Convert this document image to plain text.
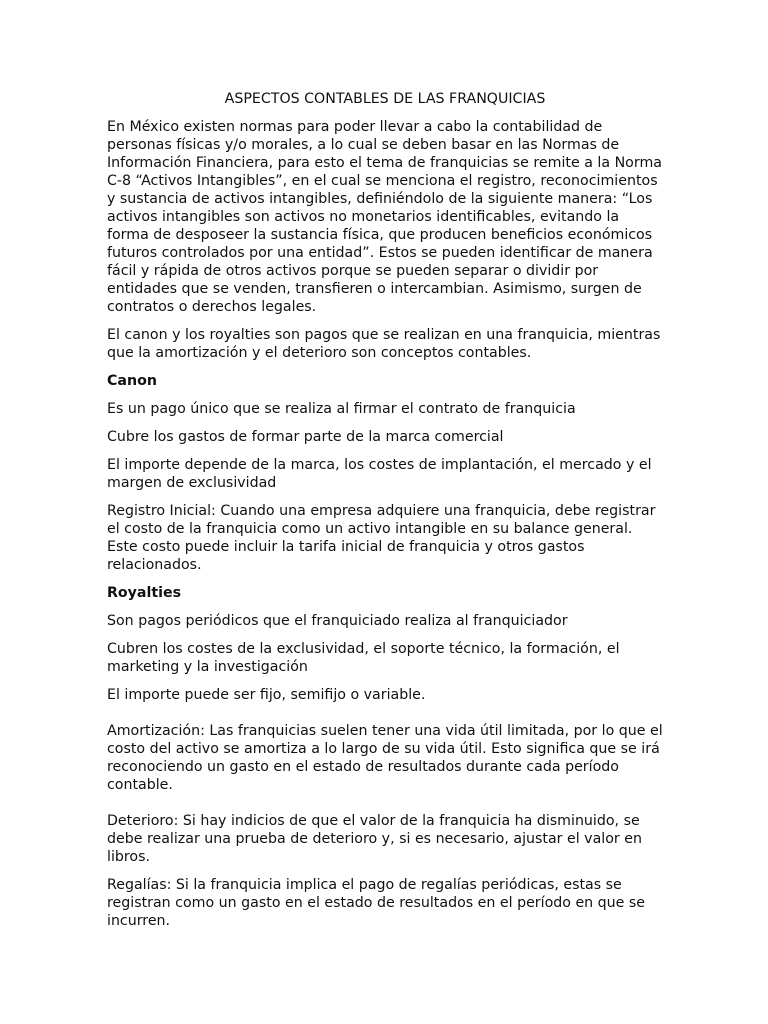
ASPECTOS CONTABLES DE LAS FRANQUICIAS

En México existen normas para poder llevar a cabo la contabilidad de personas físicas y/o morales, a lo cual se deben basar en las Normas de Información Financiera, para esto el tema de franquicias se remite a la Norma C-8 “Activos Intangibles”, en el cual se menciona el registro, reconocimientos y sustancia de activos intangibles, definiéndolo de la siguiente manera: “Los activos intangibles son activos no monetarios identificables, evitando la forma de desposeer la sustancia física, que producen beneficios económicos futuros controlados por una entidad”. Estos se pueden identificar de manera fácil y rápida de otros activos porque se pueden separar o dividir por entidades que se venden, transfieren o intercambian. Asimismo, surgen de contratos o derechos legales.

El canon y los royalties son pagos que se realizan en una franquicia, mientras que la amortización y el deterioro son conceptos contables.

Canon

Es un pago único que se realiza al firmar el contrato de franquicia

Cubre los gastos de formar parte de la marca comercial

El importe depende de la marca, los costes de implantación, el mercado y el margen de exclusividad

Registro Inicial: Cuando una empresa adquiere una franquicia, debe registrar el costo de la franquicia como un activo intangible en su balance general. Este costo puede incluir la tarifa inicial de franquicia y otros gastos relacionados.

Royalties

Son pagos periódicos que el franquiciado realiza al franquiciador

Cubren los costes de la exclusividad, el soporte técnico, la formación, el marketing y la investigación

El importe puede ser fijo, semifijo o variable.

Amortización: Las franquicias suelen tener una vida útil limitada, por lo que el costo del activo se amortiza a lo largo de su vida útil. Esto significa que se irá reconociendo un gasto en el estado de resultados durante cada período contable.

Deterioro: Si hay indicios de que el valor de la franquicia ha disminuido, se debe realizar una prueba de deterioro y, si es necesario, ajustar el valor en libros.

Regalías: Si la franquicia implica el pago de regalías periódicas, estas se registran como un gasto en el estado de resultados en el período en que se incurren.
